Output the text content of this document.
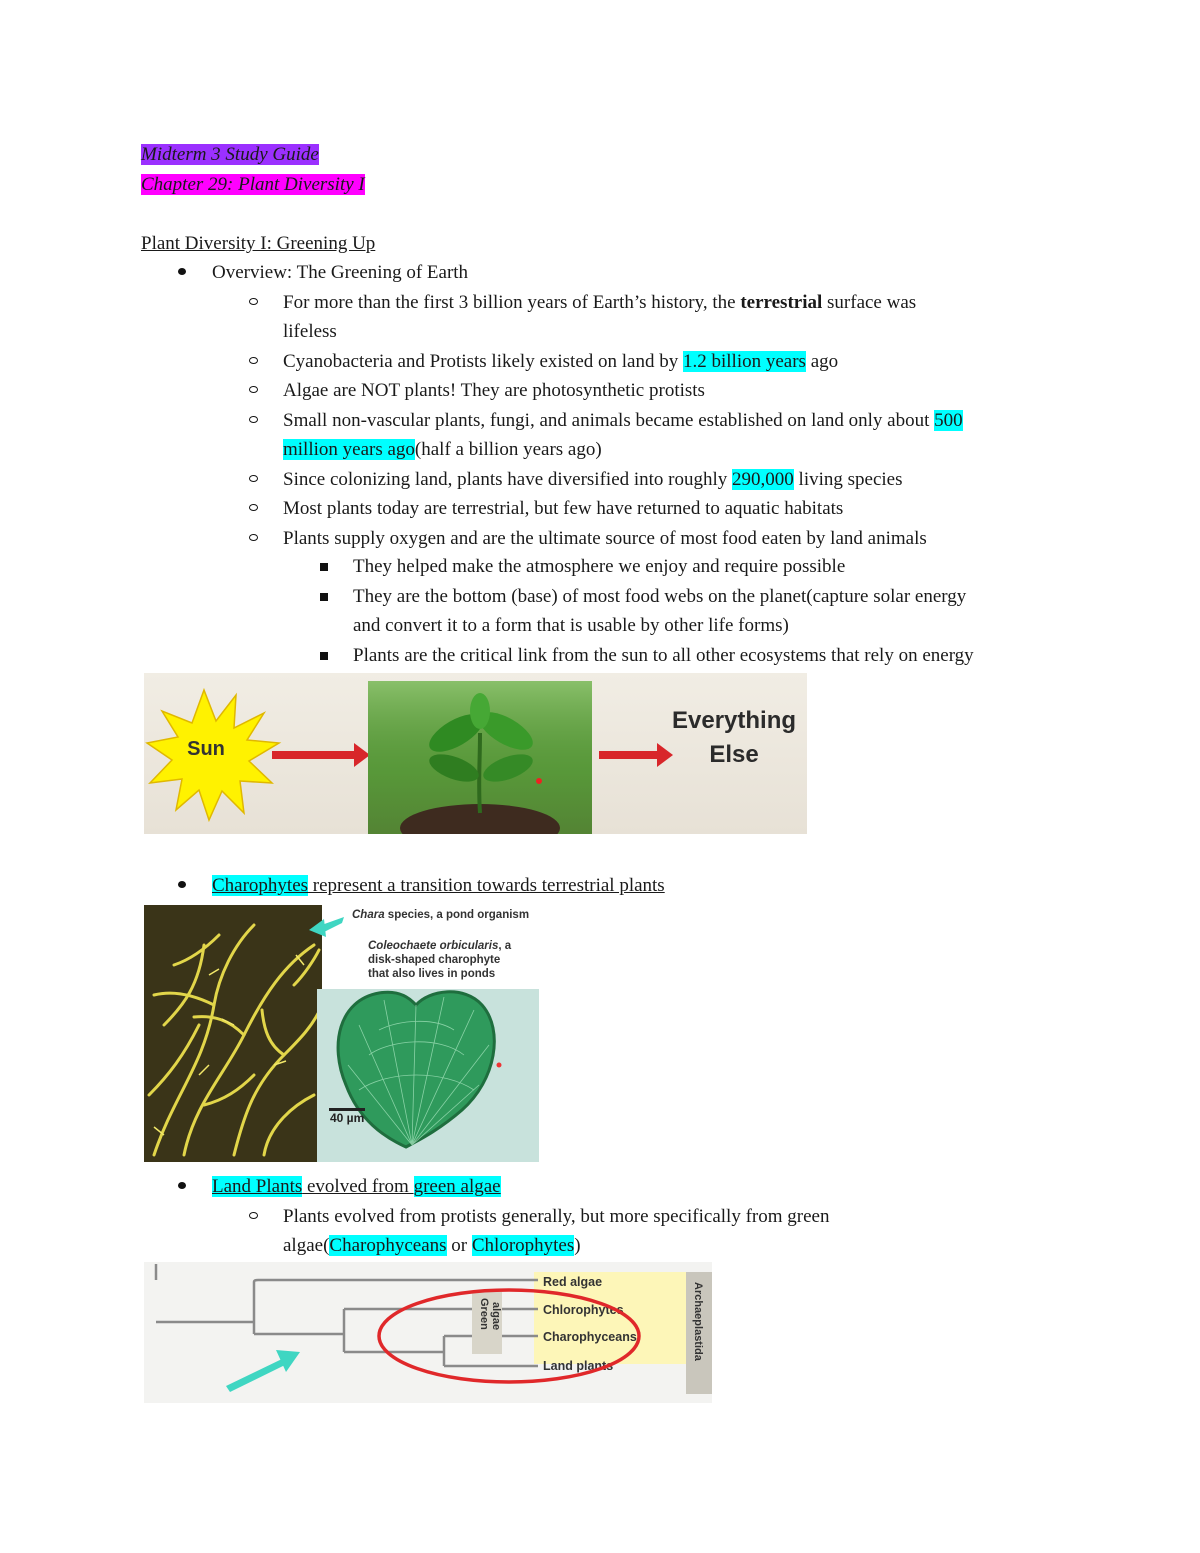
Midterm 3 Study Guide
Chapter 29: Plant Diversity I
Plant Diversity I: Greening Up
Overview: The Greening of Earth
For more than the first 3 billion years of Earth’s history, the terrestrial surface was
lifeless
Cyanobacteria and Protists likely existed on land by 1.2 billion years ago
Algae are NOT plants! They are photosynthetic protists
Small non-vascular plants, fungi, and animals became established on land only about 500
million years ago(half a billion years ago)
Since colonizing land, plants have diversified into roughly 290,000 living species
Most plants today are terrestrial, but few have returned to aquatic habitats
Plants supply oxygen and are the ultimate source of most food eaten by land animals
They helped make the atmosphere we enjoy and require possible
They are the bottom (base) of most food webs on the planet(capture solar energy
and convert it to a form that is usable by other life forms)
Plants are the critical link from the sun to all other ecosystems that rely on energy
Sun
Everything
Else
Charophytes represent a transition towards terrestrial plants
Chara species, a pond organism
Coleochaete orbicularis, a
disk-shaped charophyte
that also lives in ponds
40 µm
Land Plants evolved from green algae
Plants evolved from protists generally, but more specifically from green
algae(Charophyceans or Chlorophytes)
Archaeplastida
Green algae
Red algae
Chlorophytes
Charophyceans
Land plants
